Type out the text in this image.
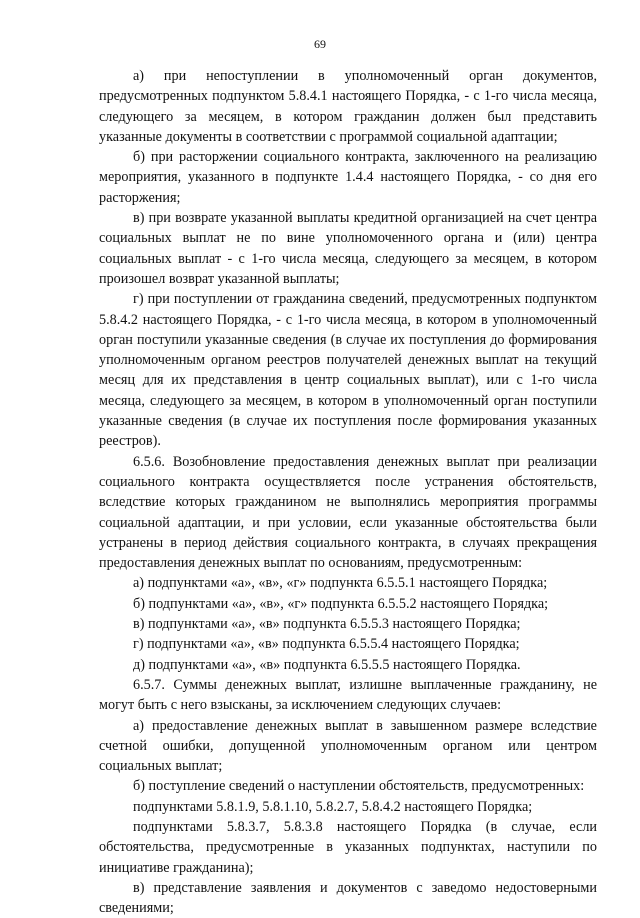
69

а) при непоступлении в уполномоченный орган документов, предусмотренных подпунктом 5.8.4.1 настоящего Порядка, - с 1-го числа месяца, следующего за месяцем, в котором гражданин должен был представить указанные документы в соответствии с программой социальной адаптации;

б) при расторжении социального контракта, заключенного на реализацию мероприятия, указанного в подпункте 1.4.4 настоящего Порядка, - со дня его расторжения;

в) при возврате указанной выплаты кредитной организацией на счет центра социальных выплат не по вине уполномоченного органа и (или) центра социальных выплат - с 1-го числа месяца, следующего за месяцем, в котором произошел возврат указанной выплаты;

г) при поступлении от гражданина сведений, предусмотренных подпунктом 5.8.4.2 настоящего Порядка, - с 1-го числа месяца, в котором в уполномоченный орган поступили указанные сведения (в случае их поступления до формирования уполномоченным органом реестров получателей денежных выплат на текущий месяц для их представления в центр социальных выплат), или с 1-го числа месяца, следующего за месяцем, в котором в уполномоченный орган поступили указанные сведения (в случае их поступления после формирования указанных реестров).

6.5.6. Возобновление предоставления денежных выплат при реализации социального контракта осуществляется после устранения обстоятельств, вследствие которых гражданином не выполнялись мероприятия программы социальной адаптации, и при условии, если указанные обстоятельства были устранены в период действия социального контракта, в случаях прекращения предоставления денежных выплат по основаниям, предусмотренным:

а) подпунктами «а», «в», «г» подпункта 6.5.5.1 настоящего Порядка;

б) подпунктами «а», «в», «г» подпункта 6.5.5.2 настоящего Порядка;

в) подпунктами «а», «в» подпункта 6.5.5.3 настоящего Порядка;

г) подпунктами «а», «в» подпункта 6.5.5.4 настоящего Порядка;

д) подпунктами «а», «в» подпункта 6.5.5.5 настоящего Порядка.

6.5.7. Суммы денежных выплат, излишне выплаченные гражданину, не могут быть с него взысканы, за исключением следующих случаев:

а) предоставление денежных выплат в завышенном размере вследствие счетной ошибки, допущенной уполномоченным органом или центром социальных выплат;

б) поступление сведений о наступлении обстоятельств, предусмотренных:

подпунктами 5.8.1.9, 5.8.1.10, 5.8.2.7, 5.8.4.2 настоящего Порядка;

подпунктами 5.8.3.7, 5.8.3.8 настоящего Порядка (в случае, если обстоятельства, предусмотренные в указанных подпунктах, наступили по инициативе гражданина);

в) представление заявления и документов с заведомо недостоверными сведениями;
